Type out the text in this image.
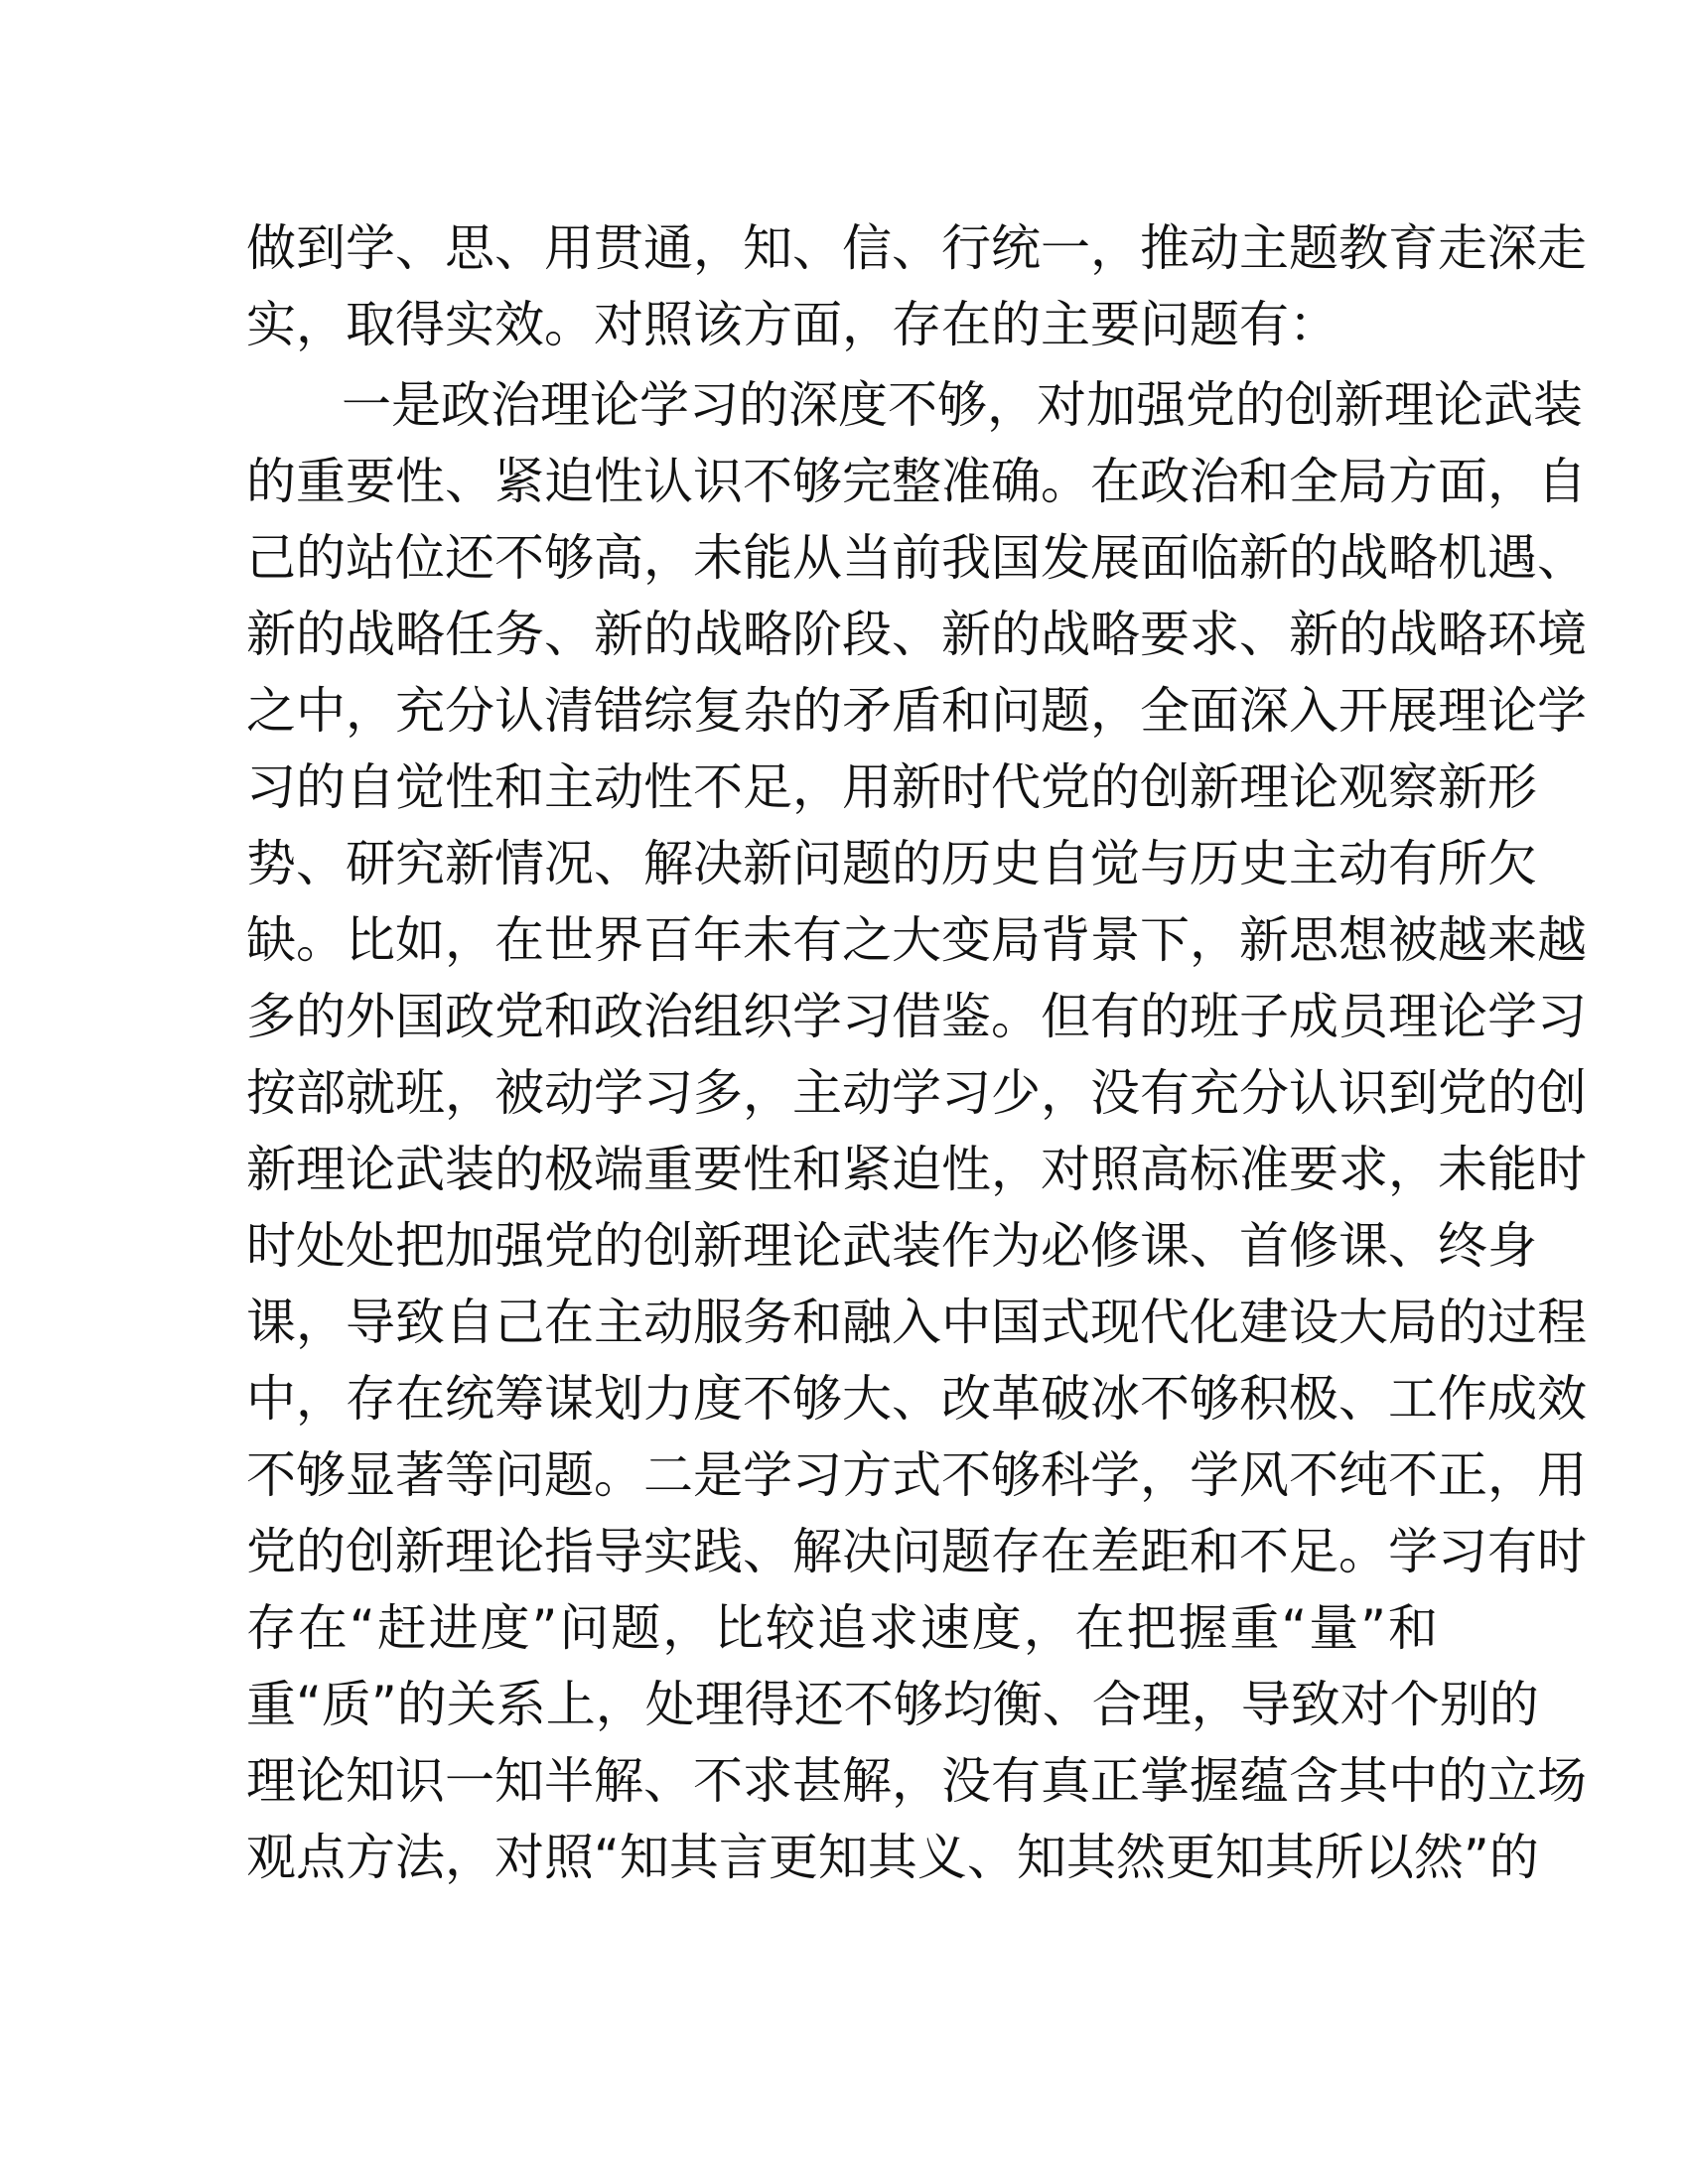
做到学、思、用贯通，知、信、行统一，推动主题教育走深走
实，取得实效。对照该方面，存在的主要问题有：
一是政治理论学习的深度不够，对加强党的创新理论武装
的重要性、紧迫性认识不够完整准确。在政治和全局方面，自
己的站位还不够高，未能从当前我国发展面临新的战略机遇、
新的战略任务、新的战略阶段、新的战略要求、新的战略环境
之中，充分认清错综复杂的矛盾和问题，全面深入开展理论学
习的自觉性和主动性不足，用新时代党的创新理论观察新形
势、研究新情况、解决新问题的历史自觉与历史主动有所欠
缺。比如，在世界百年未有之大变局背景下，新思想被越来越
多的外国政党和政治组织学习借鉴。但有的班子成员理论学习
按部就班，被动学习多，主动学习少，没有充分认识到党的创
新理论武装的极端重要性和紧迫性，对照高标准要求，未能时
时处处把加强党的创新理论武装作为必修课、首修课、终身
课，导致自己在主动服务和融入中国式现代化建设大局的过程
中，存在统筹谋划力度不够大、改革破冰不够积极、工作成效
不够显著等问题。二是学习方式不够科学，学风不纯不正，用
党的创新理论指导实践、解决问题存在差距和不足。学习有时
存在“赶进度”问题，比较追求速度，在把握重“量”和
重“质”的关系上，处理得还不够均衡、合理，导致对个别的
理论知识一知半解、不求甚解，没有真正掌握蕴含其中的立场
观点方法，对照“知其言更知其义、知其然更知其所以然”的
